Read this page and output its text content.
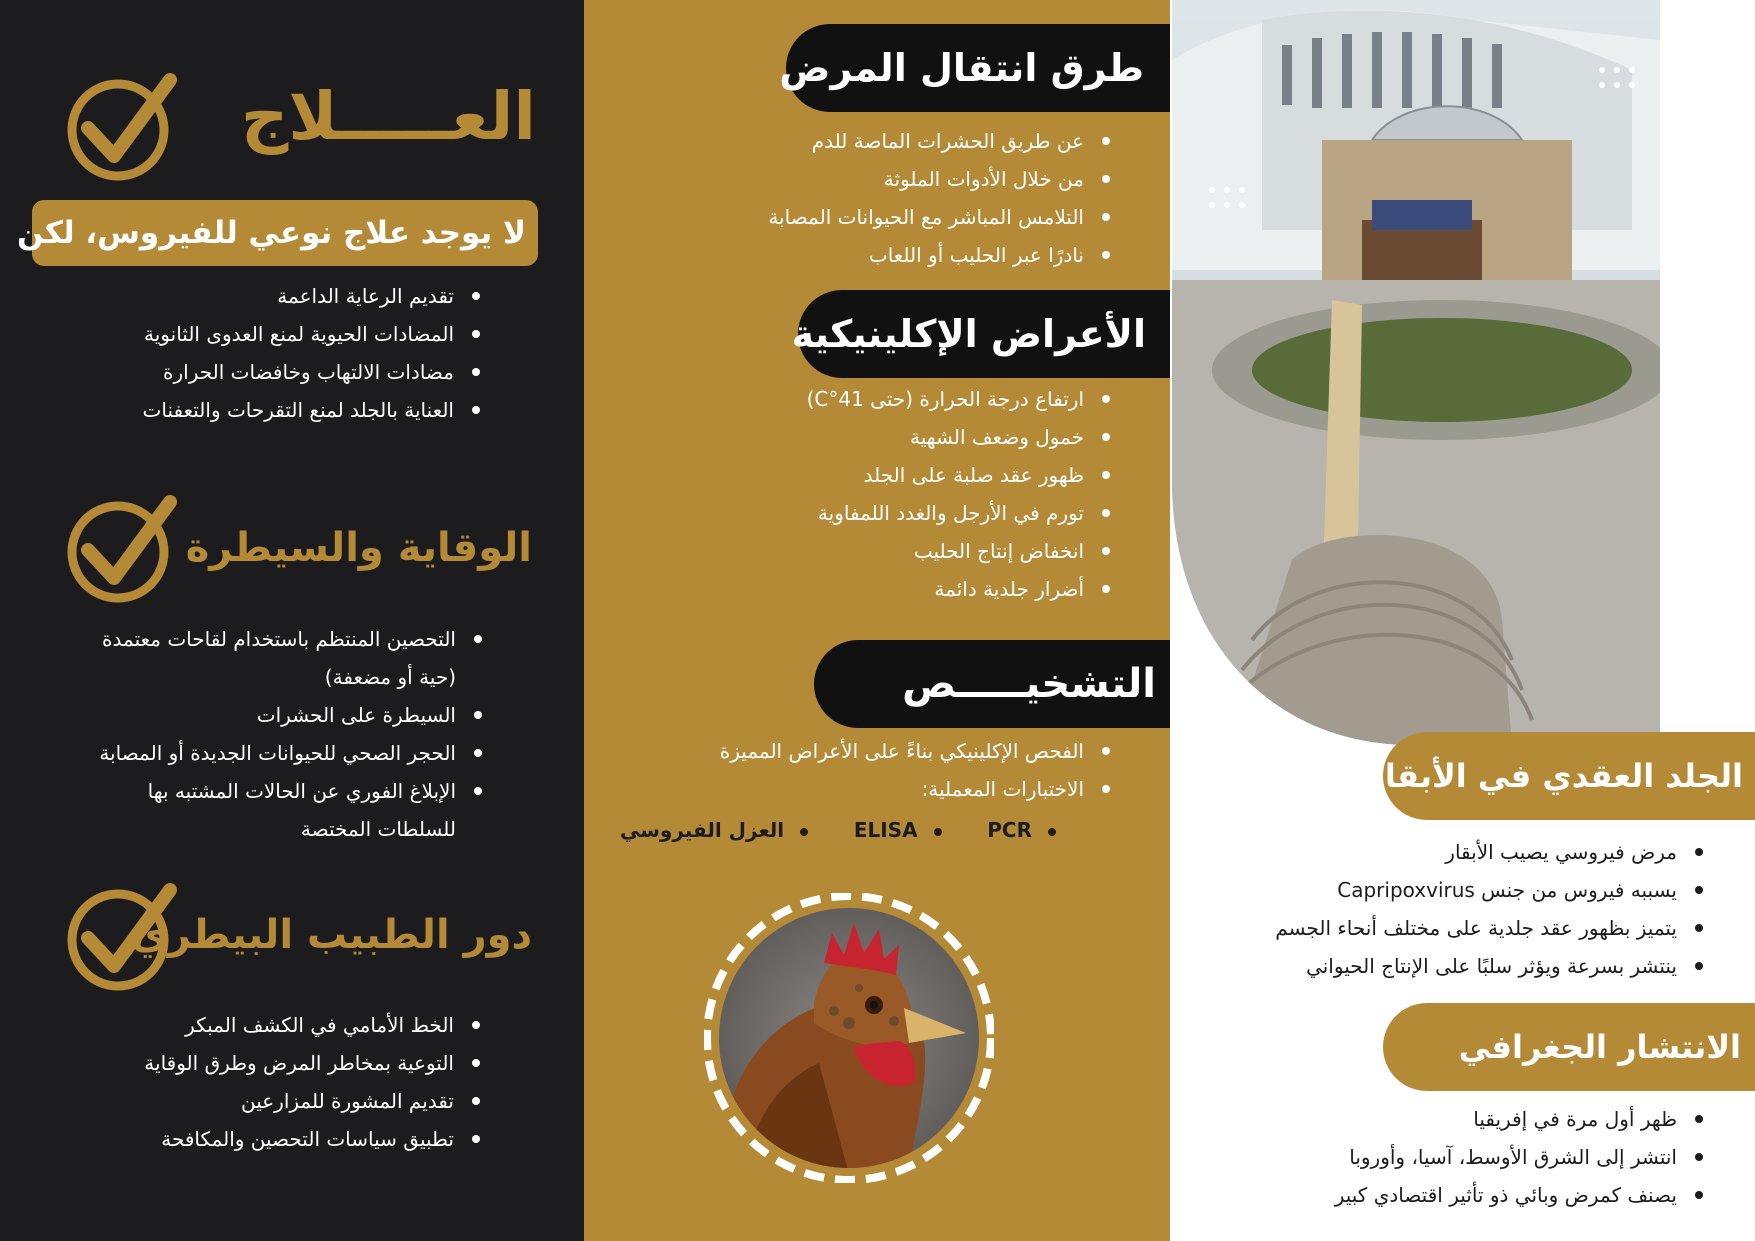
العـــــلاج
لا يوجد علاج نوعي للفيروس، لكن
تقديم الرعاية الداعمة
المضادات الحيوية لمنع العدوى الثانوية
مضادات الالتهاب وخافضات الحرارة
العناية بالجلد لمنع التقرحات والتعفنات
الوقاية والسيطرة
التحصين المنتظم باستخدام لقاحات معتمدة (حية أو مضعفة)
السيطرة على الحشرات
الحجر الصحي للحيوانات الجديدة أو المصابة
الإبلاغ الفوري عن الحالات المشتبه بها للسلطات المختصة
دور الطبيب البيطري
الخط الأمامي في الكشف المبكر
التوعية بمخاطر المرض وطرق الوقاية
تقديم المشورة للمزارعين
تطبيق سياسات التحصين والمكافحة
طرق انتقال المرض
عن طريق الحشرات الماصة للدم
من خلال الأدوات الملوثة
التلامس المباشر مع الحيوانات المصابة
نادرًا عبر الحليب أو اللعاب
الأعراض الإكلينيكية
ارتفاع درجة الحرارة (حتى 41°C)
خمول وضعف الشهية
ظهور عقد صلبة على الجلد
تورم في الأرجل والغدد اللمفاوية
انخفاض إنتاج الحليب
أضرار جلدية دائمة
التشخيـــــص
الفحص الإكلينيكي بناءً على الأعراض المميزة
الاختبارات المعملية:
PCR
ELISA
العزل الفيروسي
الجلد العقدي في الأبقار
مرض فيروسي يصيب الأبقار
يسببه فيروس من جنس Capripoxvirus
يتميز بظهور عقد جلدية على مختلف أنحاء الجسم
ينتشر بسرعة ويؤثر سلبًا على الإنتاج الحيواني
الانتشار الجغرافي
ظهر أول مرة في إفريقيا
انتشر إلى الشرق الأوسط، آسيا، وأوروبا
يصنف كمرض وبائي ذو تأثير اقتصادي كبير
